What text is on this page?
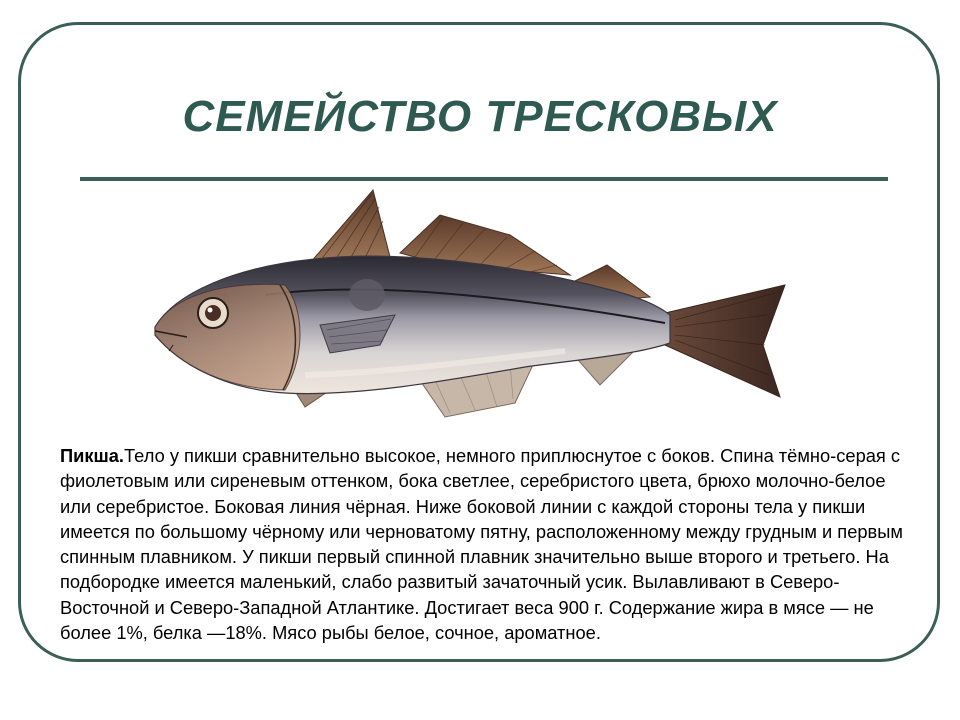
СЕМЕЙСТВО ТРЕСКОВЫХ
Пикша.Тело у пикши сравнительно высокое, немного приплюснутое с боков. Спина тёмно-серая с фиолетовым или сиреневым оттенком, бока светлее, серебристого цвета, брюхо молочно-белое или серебристое. Боковая линия чёрная. Ниже боковой линии с каждой стороны тела у пикши имеется по большому чёрному или черноватому пятну, расположенному между грудным и первым спинным плавником. У пикши первый спинной плавник значительно выше второго и третьего. На подбородке имеется маленький, слабо развитый зачаточный усик. Вылавливают в Северо-Восточной и Северо-Западной Атлантике. Достигает веса 900 г. Содержание жира в мясе — не более 1%, белка —18%. Мясо рыбы белое, сочное, ароматное.
